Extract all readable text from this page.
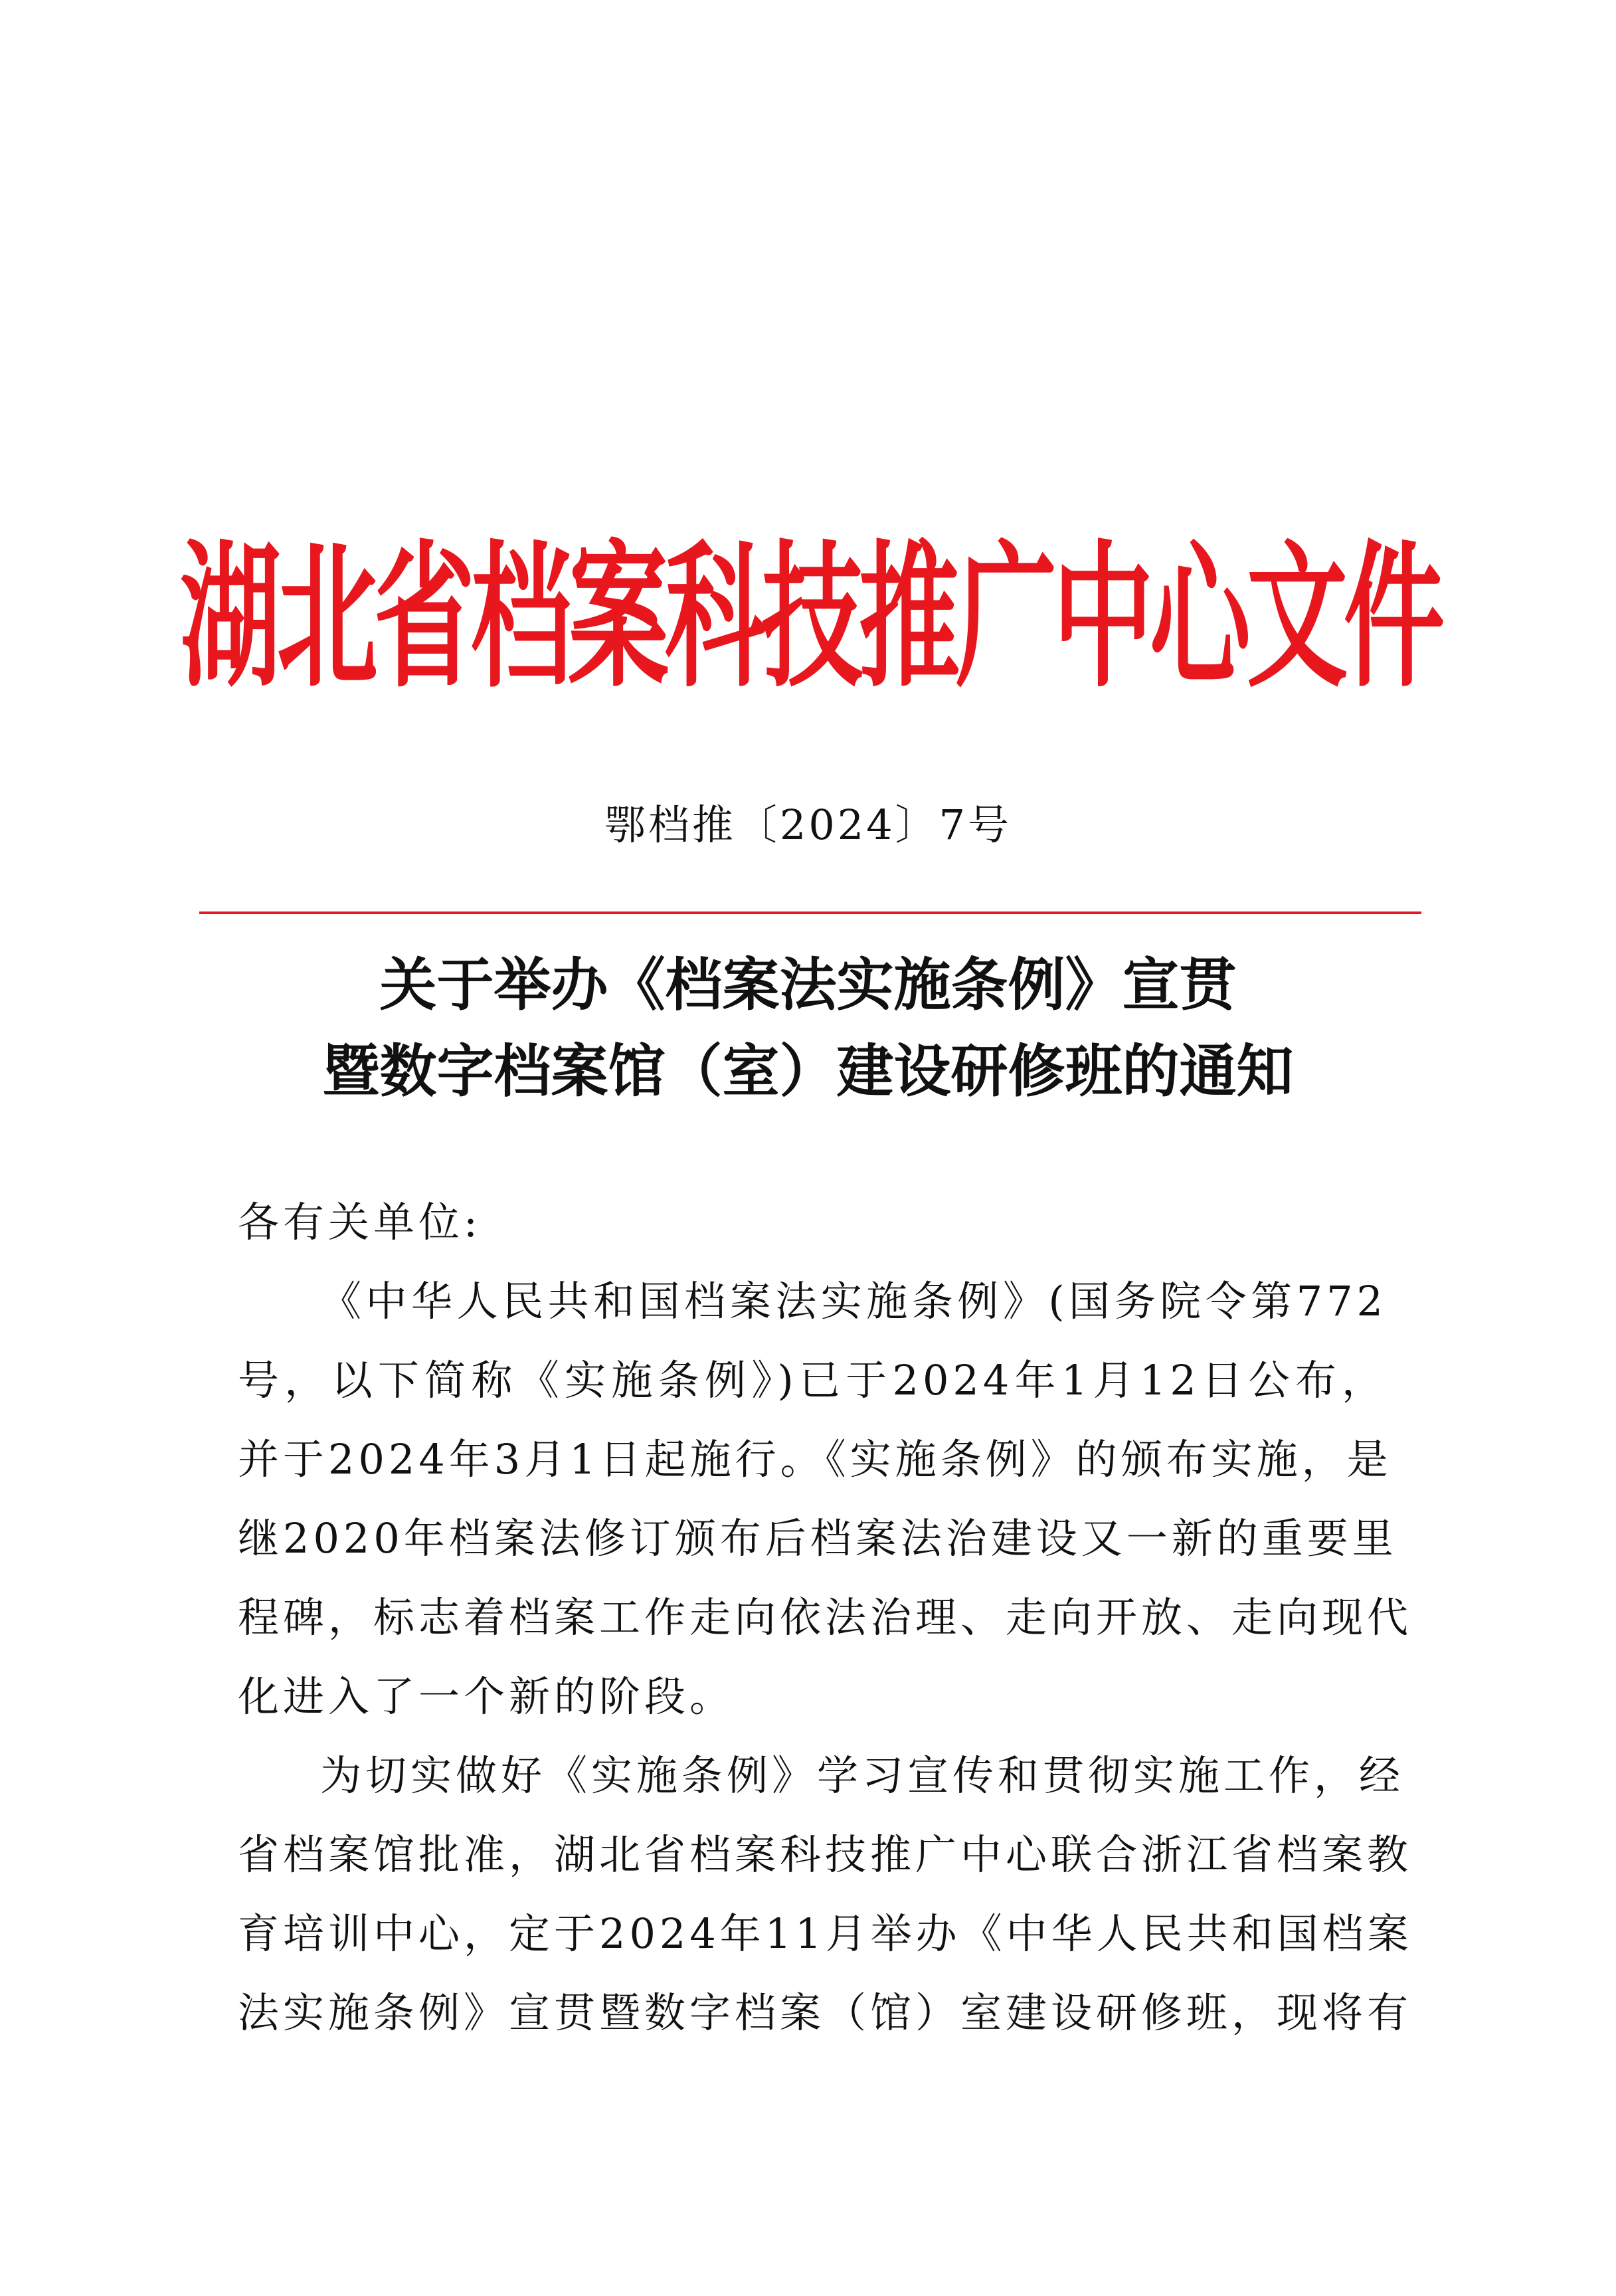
湖北省档案科技推广中心文件
鄂档推〔2024〕7号
关于举办《档案法实施条例》宣贯
暨数字档案馆（室）建设研修班的通知
各有关单位:
《中华人民共和国档案法实施条例》(国务院令第772
号，以下简称《实施条例》)已于2024年1月12日公布，
并于2024年3月1日起施行。《实施条例》的颁布实施，是
继2020年档案法修订颁布后档案法治建设又一新的重要里
程碑，标志着档案工作走向依法治理、走向开放、走向现代
化进入了一个新的阶段。
为切实做好《实施条例》学习宣传和贯彻实施工作，经
省档案馆批准，湖北省档案科技推广中心联合浙江省档案教
育培训中心，定于2024年11月举办《中华人民共和国档案
法实施条例》宣贯暨数字档案（馆）室建设研修班，现将有
